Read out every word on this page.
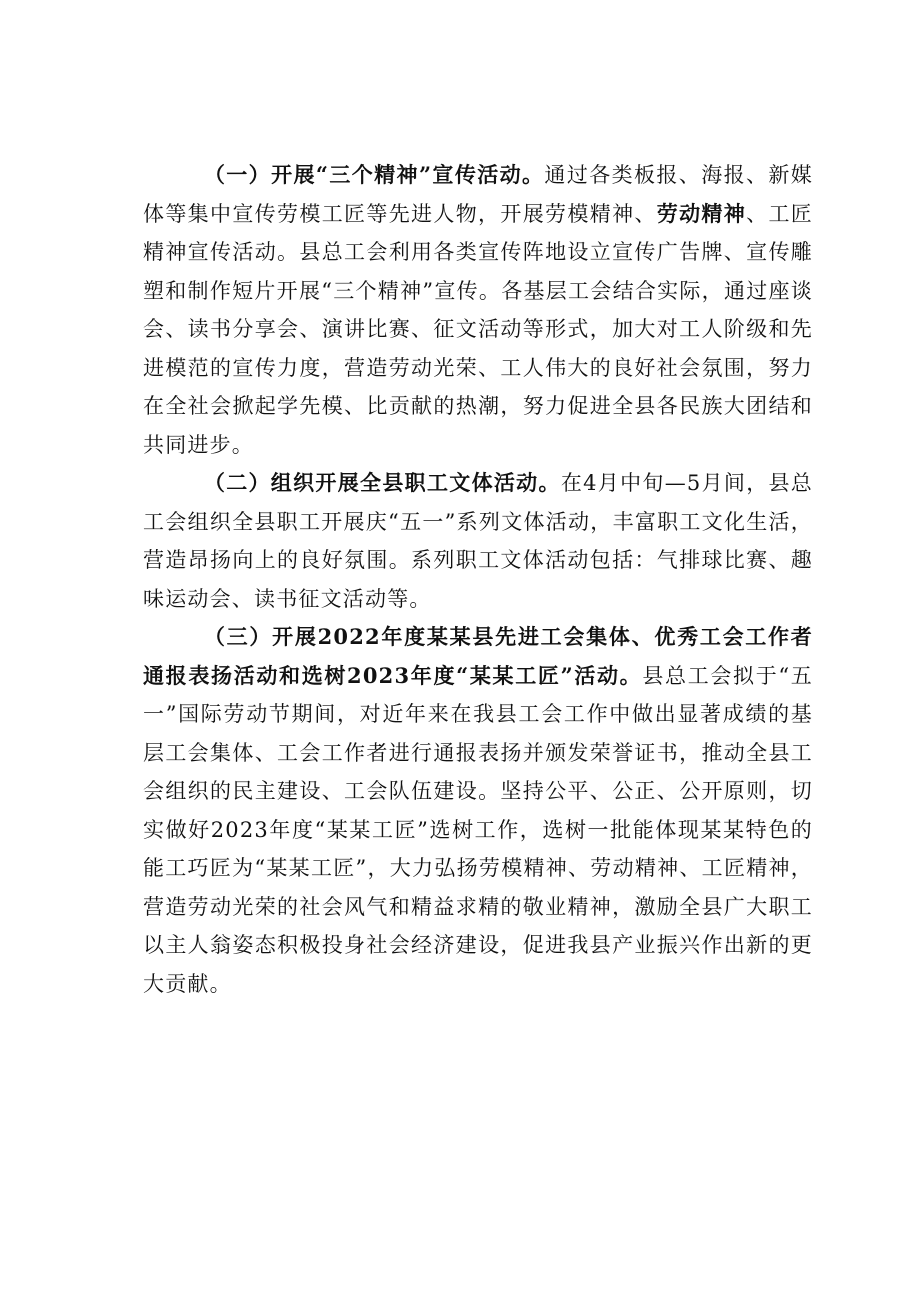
（一）开展“三个精神”宣传活动。通过各类板报、海报、新媒体等集中宣传劳模工匠等先进人物，开展劳模精神、劳动精神、工匠精神宣传活动。县总工会利用各类宣传阵地设立宣传广告牌、宣传雕塑和制作短片开展“三个精神”宣传。各基层工会结合实际，通过座谈会、读书分享会、演讲比赛、征文活动等形式，加大对工人阶级和先进模范的宣传力度，营造劳动光荣、工人伟大的良好社会氛围，努力在全社会掀起学先模、比贡献的热潮，努力促进全县各民族大团结和共同进步。

（二）组织开展全县职工文体活动。在4月中旬—5月间，县总工会组织全县职工开展庆“五一”系列文体活动，丰富职工文化生活，营造昂扬向上的良好氛围。系列职工文体活动包括：气排球比赛、趣味运动会、读书征文活动等。

（三）开展2022年度某某县先进工会集体、优秀工会工作者通报表扬活动和选树2023年度“某某工匠”活动。县总工会拟于“五一”国际劳动节期间，对近年来在我县工会工作中做出显著成绩的基层工会集体、工会工作者进行通报表扬并颁发荣誉证书，推动全县工会组织的民主建设、工会队伍建设。坚持公平、公正、公开原则，切实做好2023年度“某某工匠”选树工作，选树一批能体现某某特色的能工巧匠为“某某工匠”，大力弘扬劳模精神、劳动精神、工匠精神，营造劳动光荣的社会风气和精益求精的敬业精神，激励全县广大职工以主人翁姿态积极投身社会经济建设，促进我县产业振兴作出新的更大贡献。
